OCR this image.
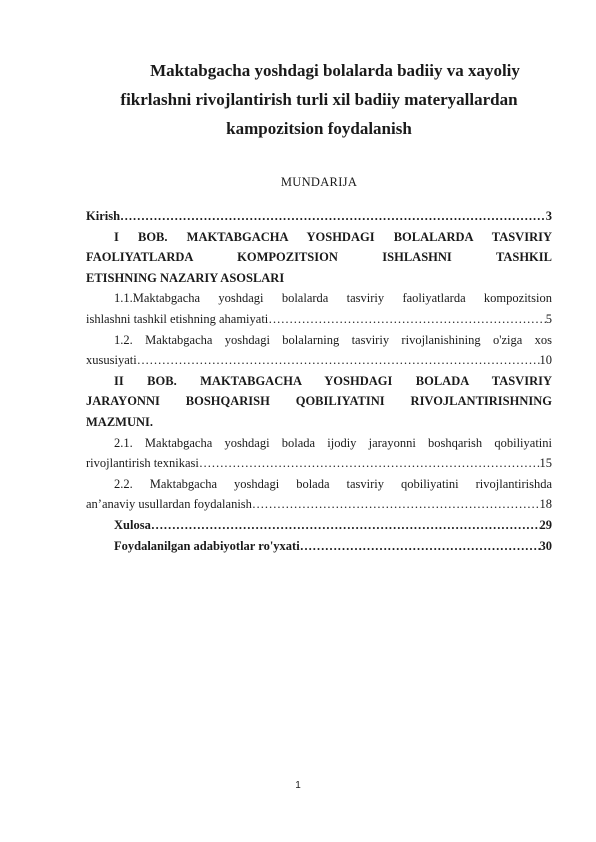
Maktabgacha yoshdagi bolalarda badiiy va xayoliy
fikrlashni rivojlantirish turli xil badiiy materyallardan
kampozitsion foydalanish
MUNDARIJA
Kirish ……………………………………………………………………………………………………………………………………………………………………………………………………	3
I BOB. MAKTABGACHA YOSHDAGI BOLALARDA TASVIRIY
FAOLIYATLARDA KOMPOZITSION ISHLASHNI TASHKIL
ETISHNING NAZARIY ASOSLARI
1.1.Maktabgacha yoshdagi bolalarda tasviriy faoliyatlarda kompozitsion
ishlashni tashkil etishning ahamiyati ……………………………………………………………………………………………………………………………………………………………………………………………………	5
1.2. Maktabgacha yoshdagi bolalarning tasviriy rivojlanishining o'ziga xos
xususiyati ……………………………………………………………………………………………………………………………………………………………………………………………………	10
II BOB. MAKTABGACHA YOSHDAGI BOLADA TASVIRIY
JARAYONNI BOSHQARISH QOBILIYATINI RIVOJLANTIRISHNING
MAZMUNI.
2.1. Maktabgacha yoshdagi bolada ijodiy jarayonni boshqarish qobiliyatini
rivojlantirish texnikasi ……………………………………………………………………………………………………………………………………………………………………………………………………	15
2.2. Maktabgacha yoshdagi bolada tasviriy qobiliyatini rivojlantirishda
an’anaviy usullardan foydalanish ……………………………………………………………………………………………………………………………………………………………………………………………………	18
Xulosa ……………………………………………………………………………………………………………………………………………………………………………………………………	29
Foydalanilgan adabiyotlar ro'yxati ……………………………………………………………………………………………………………………………………………………………………………………………………	30
1
